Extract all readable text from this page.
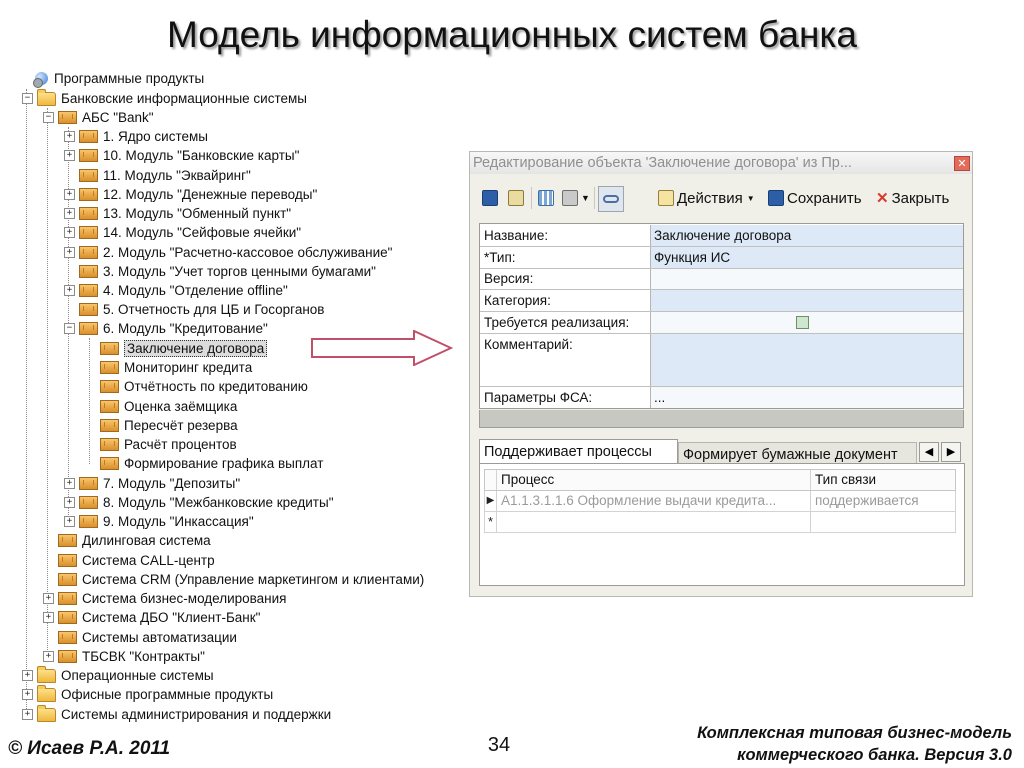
Модель информационных систем банка
Программные продукты
− Банковские информационные системы
− АБС "Bank"
+ 1. Ядро системы
+ 10. Модуль "Банковские карты"
11. Модуль "Эквайринг"
+ 12. Модуль "Денежные переводы"
+ 13. Модуль "Обменный пункт"
+ 14. Модуль "Сейфовые ячейки"
+ 2. Модуль "Расчетно-кассовое обслуживание"
3. Модуль "Учет торгов ценными бумагами"
+ 4. Модуль "Отделение offline"
5. Отчетность для ЦБ и Госорганов
− 6. Модуль "Кредитование"
Заключение договора
Мониторинг кредита
Отчётность по кредитованию
Оценка заёмщика
Пересчёт резерва
Расчёт процентов
Формирование графика выплат
+ 7. Модуль "Депозиты"
+ 8. Модуль "Межбанковские кредиты"
+ 9. Модуль "Инкассация"
Дилинговая система
Система CALL-центр
Система CRM (Управление маркетингом и клиентами)
+ Система бизнес-моделирования
+ Система ДБО "Клиент-Банк"
Системы автоматизации
+ ТБСВК "Контракты"
+ Операционные системы
+ Офисные программные продукты
+ Системы администрирования и поддержки
Редактирование объекта 'Заключение договора' из Пр...	✕
▼	Действия ▼ Сохранить ✕ Закрыть
Название:	Заключение договора
*Тип:	Функция ИС
Версия:
Категория:
Требуется реализация:
Комментарий:
Параметры ФСА:	...
Поддерживает процессы	Формирует бумажные документ	◀	▶
Процесс	Тип связи
▶ A1.1.3.1.1.6 Оформление выдачи кредита...	поддерживается
*
© Исаев Р.А. 2011	34
Комплексная типовая бизнес-модель
коммерческого банка. Версия 3.0
